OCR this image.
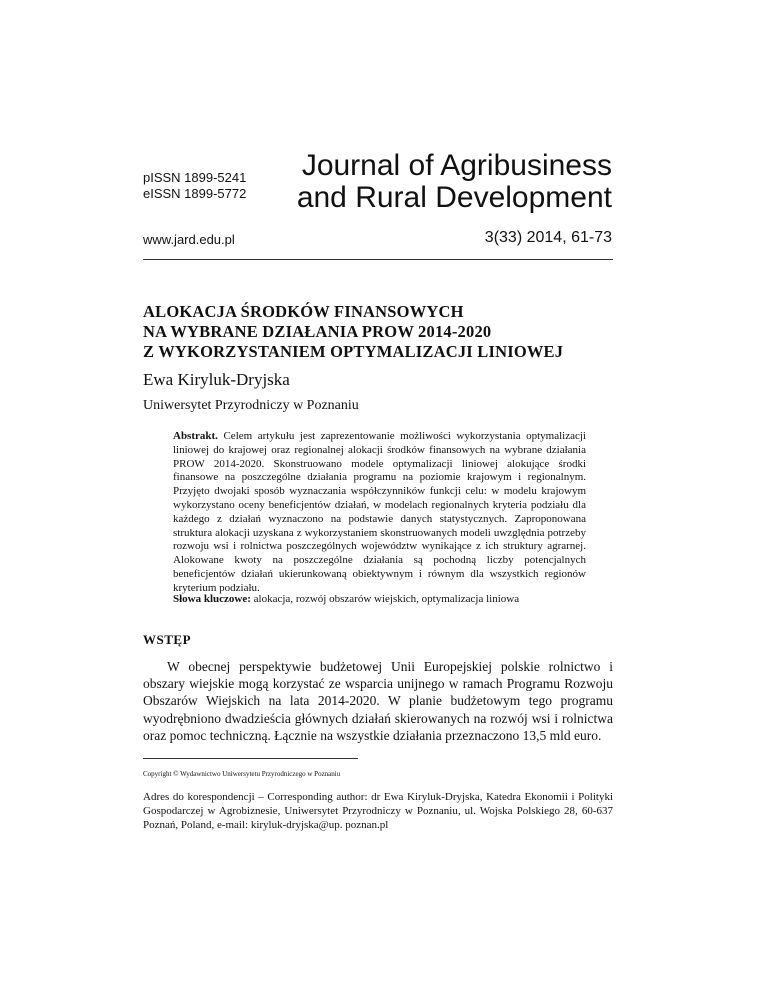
pISSN 1899-5241
eISSN 1899-5772
Journal of Agribusiness
and Rural Development
www.jard.edu.pl	3(33) 2014, 61-73
ALOKACJA ŚRODKÓW FINANSOWYCH
NA WYBRANE DZIAŁANIA PROW 2014-2020
Z WYKORZYSTANIEM OPTYMALIZACJI LINIOWEJ
Ewa Kiryluk-Dryjska
Uniwersytet Przyrodniczy w Poznaniu
Abstrakt. Celem artykułu jest zaprezentowanie możliwości wykorzystania optymalizacji liniowej do krajowej oraz regionalnej alokacji środków finansowych na wybrane działania PROW 2014-2020. Skonstruowano modele optymalizacji liniowej alokujące środki finansowe na poszczególne działania programu na poziomie krajowym i regionalnym. Przyjęto dwojaki sposób wyznaczania współczynników funkcji celu: w modelu krajowym wykorzystano oceny beneficjentów działań, w modelach regionalnych kryteria podziału dla każdego z działań wyznaczono na podstawie danych statystycznych. Zaproponowana struktura alokacji uzyskana z wykorzystaniem skonstruowanych modeli uwzględnia potrzeby rozwoju wsi i rolnictwa poszczególnych województw wynikające z ich struktury agrarnej. Alokowane kwoty na poszczególne działania są pochodną liczby potencjalnych beneficjentów działań ukierunkowaną obiektywnym i równym dla wszystkich regionów kryterium podziału.
Słowa kluczowe: alokacja, rozwój obszarów wiejskich, optymalizacja liniowa
WSTĘP
W obecnej perspektywie budżetowej Unii Europejskiej polskie rolnictwo i obszary wiejskie mogą korzystać ze wsparcia unijnego w ramach Programu Rozwoju Obszarów Wiejskich na lata 2014-2020. W planie budżetowym tego programu wyodrębniono dwadzieścia głównych działań skierowanych na rozwój wsi i rolnictwa oraz pomoc techniczną. Łącznie na wszystkie działania przeznaczono 13,5 mld euro.
Copyright © Wydawnictwo Uniwersytetu Przyrodniczego w Poznaniu
Adres do korespondencji – Corresponding author: dr Ewa Kiryluk-Dryjska, Katedra Ekonomii i Polityki Gospodarczej w Agrobiznesie, Uniwersytet Przyrodniczy w Poznaniu, ul. Wojska Polskiego 28, 60-637 Poznań, Poland, e-mail: kiryluk-dryjska@up. poznan.pl
